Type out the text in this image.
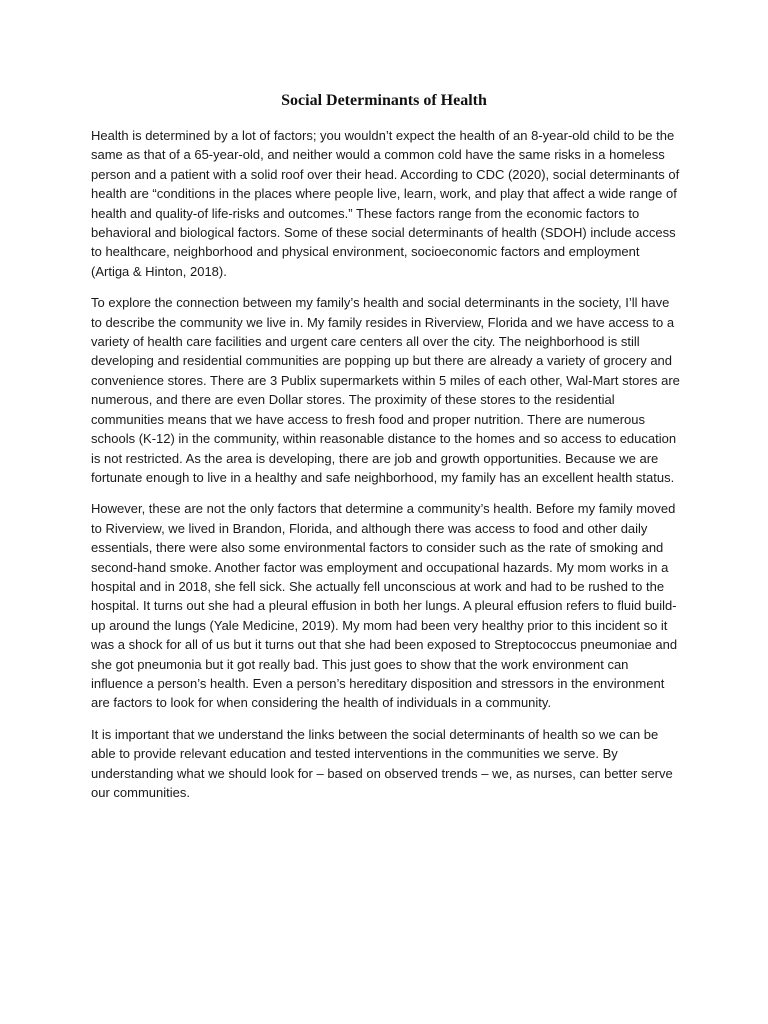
Social Determinants of Health

Health is determined by a lot of factors; you wouldn’t expect the health of an 8-year-old child to be the same as that of a 65-year-old, and neither would a common cold have the same risks in a homeless person and a patient with a solid roof over their head. According to CDC (2020), social determinants of health are “conditions in the places where people live, learn, work, and play that affect a wide range of health and quality-of life-risks and outcomes.” These factors range from the economic factors to behavioral and biological factors. Some of these social determinants of health (SDOH) include access to healthcare, neighborhood and physical environment, socioeconomic factors and employment (Artiga & Hinton, 2018).

To explore the connection between my family’s health and social determinants in the society, I’ll have to describe the community we live in. My family resides in Riverview, Florida and we have access to a variety of health care facilities and urgent care centers all over the city. The neighborhood is still developing and residential communities are popping up but there are already a variety of grocery and convenience stores. There are 3 Publix supermarkets within 5 miles of each other, Wal-Mart stores are numerous, and there are even Dollar stores. The proximity of these stores to the residential communities means that we have access to fresh food and proper nutrition. There are numerous schools (K-12) in the community, within reasonable distance to the homes and so access to education is not restricted. As the area is developing, there are job and growth opportunities. Because we are fortunate enough to live in a healthy and safe neighborhood, my family has an excellent health status.

However, these are not the only factors that determine a community’s health. Before my family moved to Riverview, we lived in Brandon, Florida, and although there was access to food and other daily essentials, there were also some environmental factors to consider such as the rate of smoking and second-hand smoke. Another factor was employment and occupational hazards. My mom works in a hospital and in 2018, she fell sick. She actually fell unconscious at work and had to be rushed to the hospital. It turns out she had a pleural effusion in both her lungs. A pleural effusion refers to fluid build-up around the lungs (Yale Medicine, 2019). My mom had been very healthy prior to this incident so it was a shock for all of us but it turns out that she had been exposed to Streptococcus pneumoniae and she got pneumonia but it got really bad. This just goes to show that the work environment can influence a person’s health. Even a person’s hereditary disposition and stressors in the environment are factors to look for when considering the health of individuals in a community.

It is important that we understand the links between the social determinants of health so we can be able to provide relevant education and tested interventions in the communities we serve. By understanding what we should look for – based on observed trends – we, as nurses, can better serve our communities.
